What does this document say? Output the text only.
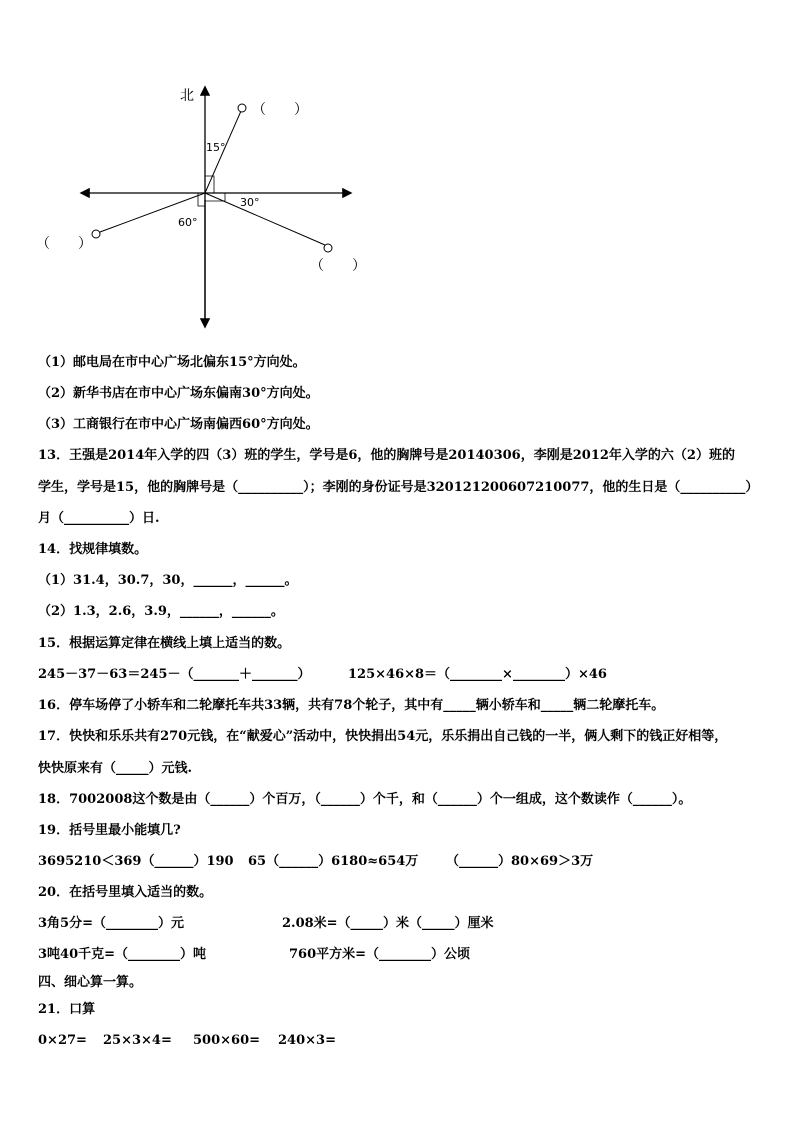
北
15°
30°
60°
（　　）
（　　）
（　　）
（1）邮电局在市中心广场北偏东15°方向处。
（2）新华书店在市中心广场东偏南30°方向处。
（3）工商银行在市中心广场南偏西60°方向处。
13．王强是2014年入学的四（3）班的学生，学号是6，他的胸牌号是20140306，李刚是2012年入学的六（2）班的
学生，学号是15，他的胸牌号是（__________）；李刚的身份证号是320121200607210077，他的生日是（__________）
月（__________）日.
14．找规律填数。
（1）31.4，30.7，30，______，______。
（2）1.3，2.6，3.9，______，______。
15．根据运算定律在横线上填上适当的数。
245－37－63＝245－（_______＋_______）	125×46×8＝（________×________）×46
16．停车场停了小轿车和二轮摩托车共33辆，共有78个轮子，其中有_____辆小轿车和_____辆二轮摩托车。
17．快快和乐乐共有270元钱，在“献爱心”活动中，快快捐出54元，乐乐捐出自己钱的一半，俩人剩下的钱正好相等，
快快原来有（_____）元钱.
18．7002008这个数是由（______）个百万，（______）个千，和（______）个一组成，这个数读作（______）。
19．括号里最小能填几?
3695210＜369（______）190 65（______）6180≈654万 （______）80×69＞3万
20．在括号里填入适当的数。
3角5分=（________）元	2.08米=（_____）米（_____）厘米
3吨40千克=（________）吨	760平方米=（________）公顷
四、细心算一算。
21．口算
0×27= 25×3×4= 500×60= 240×3=
